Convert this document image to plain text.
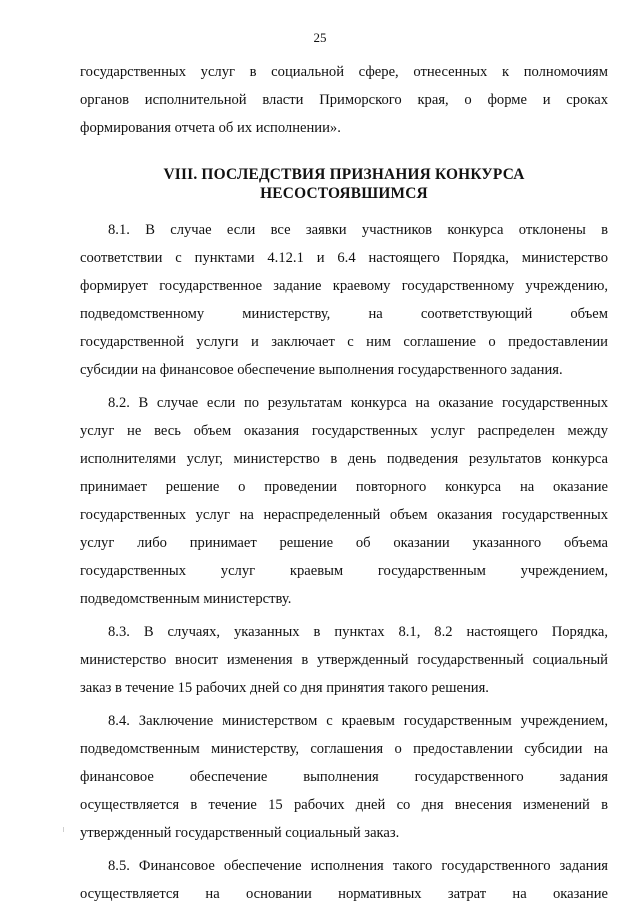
25

государственных услуг в социальной сфере, отнесенных к полномочиям

органов исполнительной власти Приморского края, о форме и сроках

формирования отчета об их исполнении».

VIII. ПОСЛЕДСТВИЯ ПРИЗНАНИЯ КОНКУРСА
НЕСОСТОЯВШИМСЯ

8.1. В случае если все заявки участников конкурса отклонены в

соответствии с пунктами 4.12.1 и 6.4 настоящего Порядка, министерство

формирует государственное задание краевому государственному учреждению,

подведомственному министерству, на соответствующий объем

государственной услуги и заключает с ним соглашение о предоставлении

субсидии на финансовое обеспечение выполнения государственного задания.

8.2. В случае если по результатам конкурса на оказание государственных

услуг не весь объем оказания государственных услуг распределен между

исполнителями услуг, министерство в день подведения результатов конкурса

принимает решение о проведении повторного конкурса на оказание

государственных услуг на нераспределенный объем оказания государственных

услуг либо принимает решение об оказании указанного объема

государственных услуг краевым государственным учреждением,

подведомственным министерству.

8.3. В случаях, указанных в пунктах 8.1, 8.2 настоящего Порядка,

министерство вносит изменения в утвержденный государственный социальный

заказ в течение 15 рабочих дней со дня принятия такого решения.

8.4. Заключение министерством с краевым государственным учреждением,

подведомственным министерству, соглашения о предоставлении субсидии на

финансовое обеспечение выполнения государственного задания

осуществляется в течение 15 рабочих дней со дня внесения изменений в

утвержденный государственный социальный заказ.

8.5. Финансовое обеспечение исполнения такого государственного задания

осуществляется на основании нормативных затрат на оказание
